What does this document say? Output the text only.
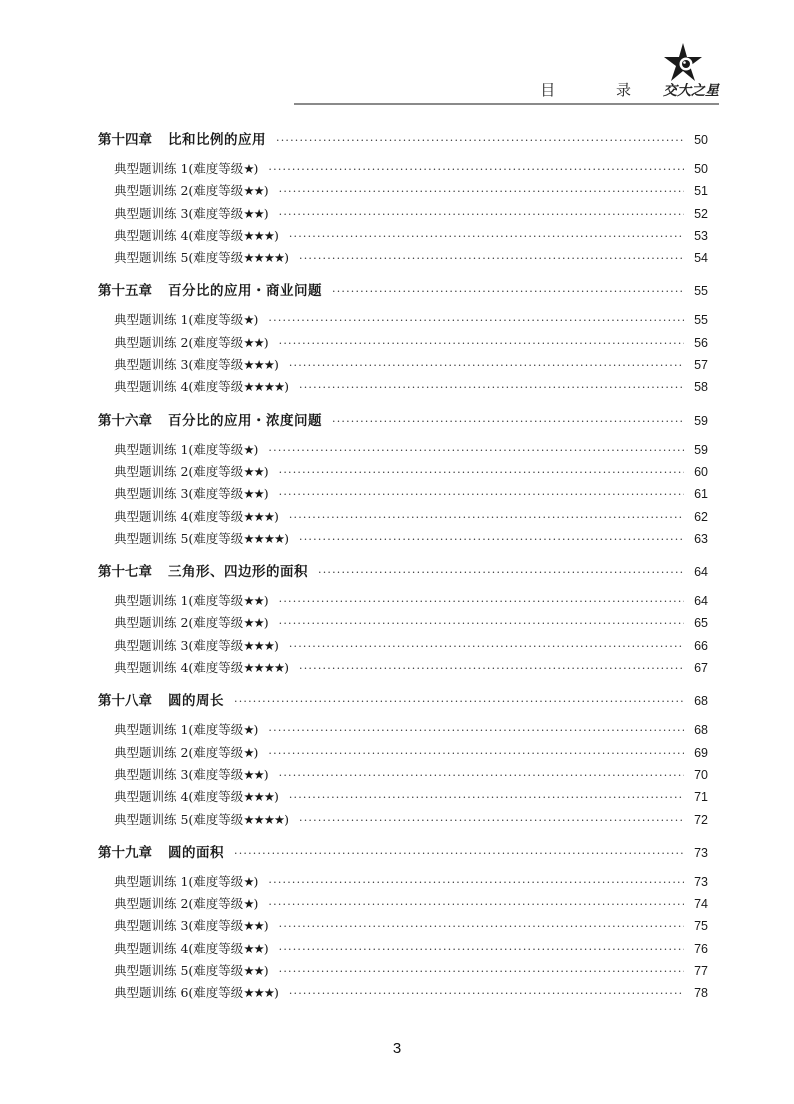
目 录 交大之星
第十四章 比和比例的应用 ·····	50
典型题训练 1(难度等级 ★ ) ·····	50
典型题训练 2(难度等级 ★★ ) ·····	51
典型题训练 3(难度等级 ★★ ) ·····	52
典型题训练 4(难度等级 ★★★ ) ·····	53
典型题训练 5(难度等级 ★★★★ ) ·····	54
第十五章 百分比的应用・商业问题 ·····	55
典型题训练 1(难度等级 ★ ) ·····	55
典型题训练 2(难度等级 ★★ ) ·····	56
典型题训练 3(难度等级 ★★★ ) ·····	57
典型题训练 4(难度等级 ★★★★ ) ·····	58
第十六章 百分比的应用・浓度问题 ·····	59
典型题训练 1(难度等级 ★ ) ·····	59
典型题训练 2(难度等级 ★★ ) ·····	60
典型题训练 3(难度等级 ★★ ) ·····	61
典型题训练 4(难度等级 ★★★ ) ·····	62
典型题训练 5(难度等级 ★★★★ ) ·····	63
第十七章 三角形、四边形的面积 ·····	64
典型题训练 1(难度等级 ★★ ) ·····	64
典型题训练 2(难度等级 ★★ ) ·····	65
典型题训练 3(难度等级 ★★★ ) ·····	66
典型题训练 4(难度等级 ★★★★ ) ·····	67
第十八章 圆的周长 ·····	68
典型题训练 1(难度等级 ★ ) ·····	68
典型题训练 2(难度等级 ★ ) ·····	69
典型题训练 3(难度等级 ★★ ) ·····	70
典型题训练 4(难度等级 ★★★ ) ·····	71
典型题训练 5(难度等级 ★★★★ ) ·····	72
第十九章 圆的面积 ·····	73
典型题训练 1(难度等级 ★ ) ·····	73
典型题训练 2(难度等级 ★ ) ·····	74
典型题训练 3(难度等级 ★★ ) ·····	75
典型题训练 4(难度等级 ★★ ) ·····	76
典型题训练 5(难度等级 ★★ ) ·····	77
典型题训练 6(难度等级 ★★★ ) ·····	78
3
